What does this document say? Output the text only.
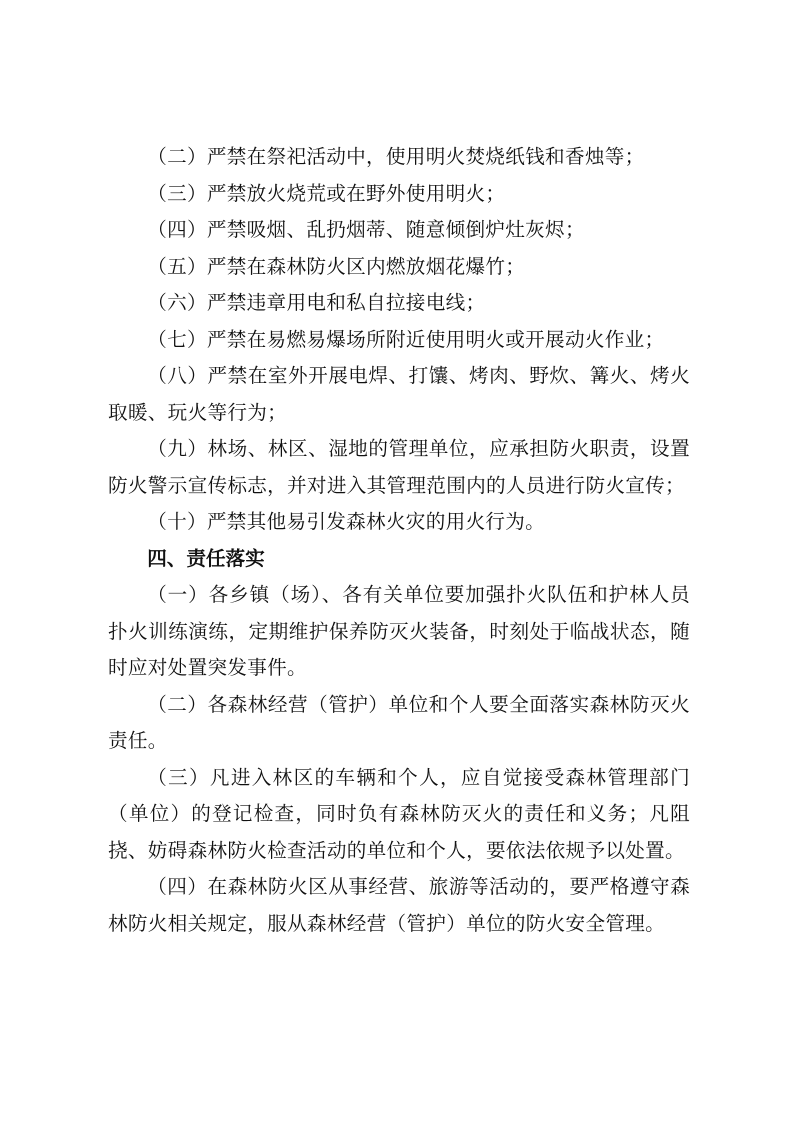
（二）严禁在祭祀活动中，使用明火焚烧纸钱和香烛等；

（三）严禁放火烧荒或在野外使用明火；

（四）严禁吸烟、乱扔烟蒂、随意倾倒炉灶灰烬；

（五）严禁在森林防火区内燃放烟花爆竹；

（六）严禁违章用电和私自拉接电线；

（七）严禁在易燃易爆场所附近使用明火或开展动火作业；

（八）严禁在室外开展电焊、打馕、烤肉、野炊、篝火、烤火取暖、玩火等行为；

（九）林场、林区、湿地的管理单位，应承担防火职责，设置防火警示宣传标志，并对进入其管理范围内的人员进行防火宣传；

（十）严禁其他易引发森林火灾的用火行为。

四、责任落实

（一）各乡镇（场）、各有关单位要加强扑火队伍和护林人员扑火训练演练，定期维护保养防灭火装备，时刻处于临战状态，随时应对处置突发事件。

（二）各森林经营（管护）单位和个人要全面落实森林防灭火责任。

（三）凡进入林区的车辆和个人，应自觉接受森林管理部门（单位）的登记检查，同时负有森林防灭火的责任和义务；凡阻挠、妨碍森林防火检查活动的单位和个人，要依法依规予以处置。

（四）在森林防火区从事经营、旅游等活动的，要严格遵守森林防火相关规定，服从森林经营（管护）单位的防火安全管理。
